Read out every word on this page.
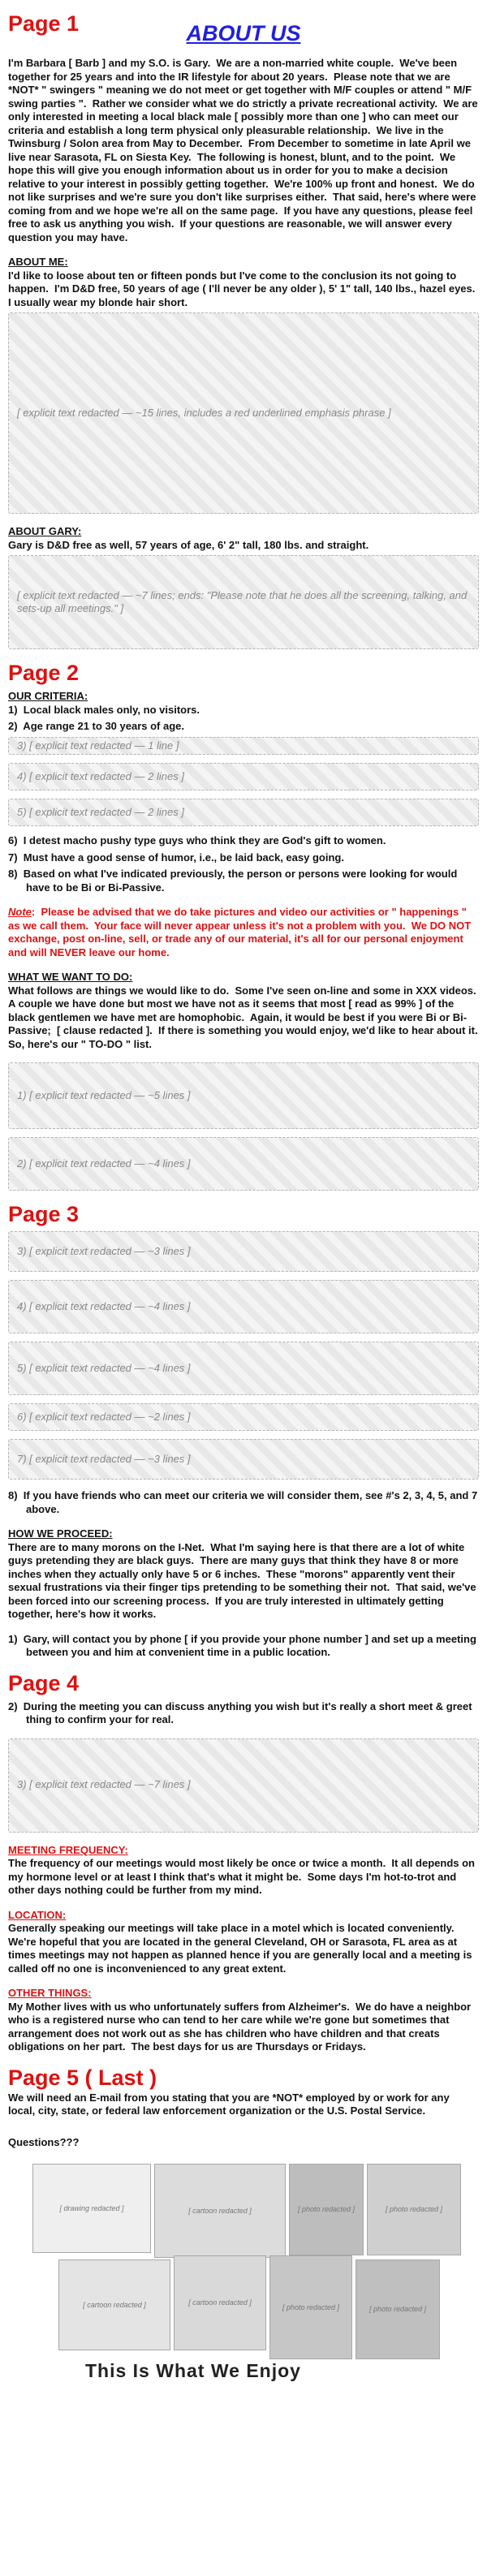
Page 1	ABOUT US

I'm Barbara [ Barb ] and my S.O. is Gary.  We are a non-married white couple.  We've been together for 25 years and into the IR lifestyle for about 20 years.  Please note that we are *NOT* " swingers " meaning we do not meet or get together with M/F couples or attend " M/F swing parties ".  Rather we consider what we do strictly a private recreational activity.  We are only interested in meeting a local black male [ possibly more than one ] who can meet our criteria and establish a long term physical only pleasurable relationship.  We live in the Twinsburg / Solon area from May to December.  From December to sometime in late April we live near Sarasota, FL on Siesta Key.  The following is honest, blunt, and to the point.  We hope this will give you enough information about us in order for you to make a decision relative to your interest in possibly getting together.  We're 100% up front and honest.  We do not like surprises and we're sure you don't like surprises either.  That said, here's where were coming from and we hope we're all on the same page.  If you have any questions, please feel free to ask us anything you wish.  If your questions are reasonable, we will answer every question you may have.

ABOUT ME:

I'd like to loose about ten or fifteen ponds but I've come to the conclusion its not going to happen.  I'm D&D free, 50 years of age ( I'll never be any older ), 5' 1" tall, 140 lbs., hazel eyes.  I usually wear my blonde hair short.

[ explicit text redacted — ~15 lines, includes a red underlined emphasis phrase ]
ABOUT GARY:

Gary is D&D free as well, 57 years of age, 6' 2" tall, 180 lbs. and straight.

[ explicit text redacted — ~7 lines; ends: "Please note that he does all the screening, talking, and sets-up all meetings." ]
Page 2
OUR CRITERIA:
1)  Local black males only, no visitors.
2)  Age range 21 to 30 years of age.
3) [ explicit text redacted — 1 line ]
4) [ explicit text redacted — 2 lines ]
5) [ explicit text redacted — 2 lines ]
6)  I detest macho pushy type guys who think they are God's gift to women.
7)  Must have a good sense of humor, i.e., be laid back, easy going.
8)  Based on what I've indicated previously, the person or persons were looking for would have to be Bi or Bi-Passive.

Note:  Please be advised that we do take pictures and video our activities or " happenings " as we call them.  Your face will never appear unless it's not a problem with you.  We DO NOT exchange, post on-line, sell, or trade any of our material, it's all for our personal enjoyment and will NEVER leave our home.

WHAT WE WANT TO DO:

What follows are things we would like to do.  Some I've seen on-line and some in XXX videos.  A couple we have done but most we have not as it seems that most [ read as 99% ] of the black gentlemen we have met are homophobic.  Again, it would be best if you were Bi or Bi-Passive;  [ clause redacted ].  If there is something you would enjoy, we'd like to hear about it.  So, here's our " TO-DO " list.

1) [ explicit text redacted — ~5 lines ]
2) [ explicit text redacted — ~4 lines ]
Page 3
3) [ explicit text redacted — ~3 lines ]
4) [ explicit text redacted — ~4 lines ]
5) [ explicit text redacted — ~4 lines ]
6) [ explicit text redacted — ~2 lines ]
7) [ explicit text redacted — ~3 lines ]
8)  If you have friends who can meet our criteria we will consider them, see #'s 2, 3, 4, 5, and 7 above.
HOW WE PROCEED:

There are to many morons on the I-Net.  What I'm saying here is that there are a lot of white guys pretending they are black guys.  There are many guys that think they have 8 or more inches when they actually only have 5 or 6 inches.  These "morons" apparently vent their sexual frustrations via their finger tips pretending to be something their not.  That said, we've been forced into our screening process.  If you are truly interested in ultimately getting together, here's how it works.

1)  Gary, will contact you by phone [ if you provide your phone number ] and set up a meeting between you and him at convenient time in a public location.
Page 4
2)  During the meeting you can discuss anything you wish but it's really a short meet & greet thing to confirm your for real.
3) [ explicit text redacted — ~7 lines ]
MEETING FREQUENCY:

The frequency of our meetings would most likely be once or twice a month.  It all depends on my hormone level or at least I think that's what it might be.  Some days I'm hot-to-trot and other days nothing could be further from my mind.

LOCATION:

Generally speaking our meetings will take place in a motel which is located conveniently.  We're hopeful that you are located in the general Cleveland, OH or Sarasota, FL area as at times meetings may not happen as planned hence if you are generally local and a meeting is called off no one is inconvenienced to any great extent.

OTHER THINGS:

My Mother lives with us who unfortunately suffers from Alzheimer's.  We do have a neighbor who is a registered nurse who can tend to her care while we're gone but sometimes that arrangement does not work out as she has children who have children and that creats obligations on her part.  The best days for us are Thursdays or Fridays.

Page 5 ( Last )

We will need an E-mail from you stating that you are *NOT* employed by or work for any local, city, state, or federal law enforcement organization or the U.S. Postal Service.

Questions???

[ drawing redacted ]	[ cartoon redacted ]	[ photo redacted ]	[ photo redacted ]
[ cartoon redacted ]	[ cartoon redacted ]
[ photo redacted ]	[ photo redacted ]
This Is What We Enjoy
